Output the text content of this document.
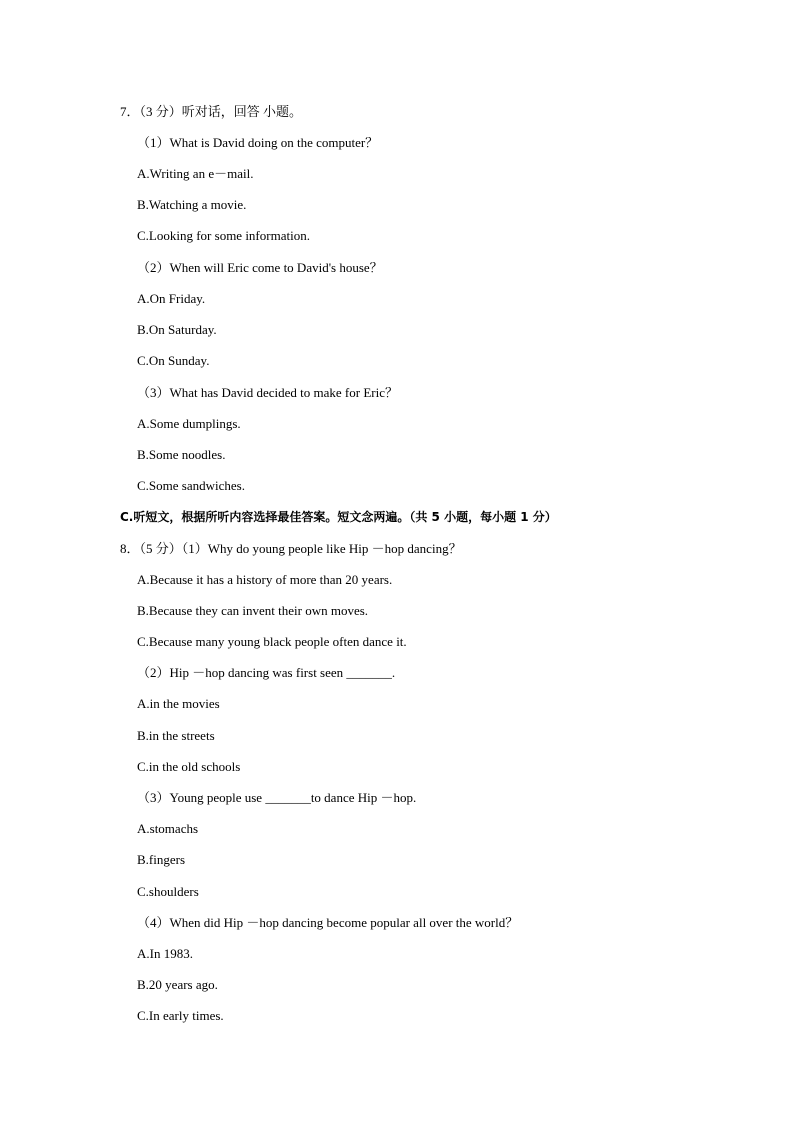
7．（3 分）听对话，回答 小题。
（1）What is David doing on the computer？
A.Writing an e－mail.
B.Watching a movie.
C.Looking for some information.
（2）When will Eric come to David's house？
A.On Friday.
B.On Saturday.
C.On Sunday.
（3）What has David decided to make for Eric？
A.Some dumplings.
B.Some noodles.
C.Some sandwiches.
C.听短文，根据所听内容选择最佳答案。短文念两遍。（共 5 小题，每小题 1 分）
8．（5 分）（1）Why do young people like Hip －hop dancing？
A.Because it has a history of more than 20 years.
B.Because they can invent their own moves.
C.Because many young black people often dance it.
（2）Hip －hop dancing was first seen _______.
A.in the movies
B.in the streets
C.in the old schools
（3）Young people use _______to dance Hip －hop.
A.stomachs
B.fingers
C.shoulders
（4）When did Hip －hop dancing become popular all over the world？
A.In 1983.
B.20 years ago.
C.In early times.
